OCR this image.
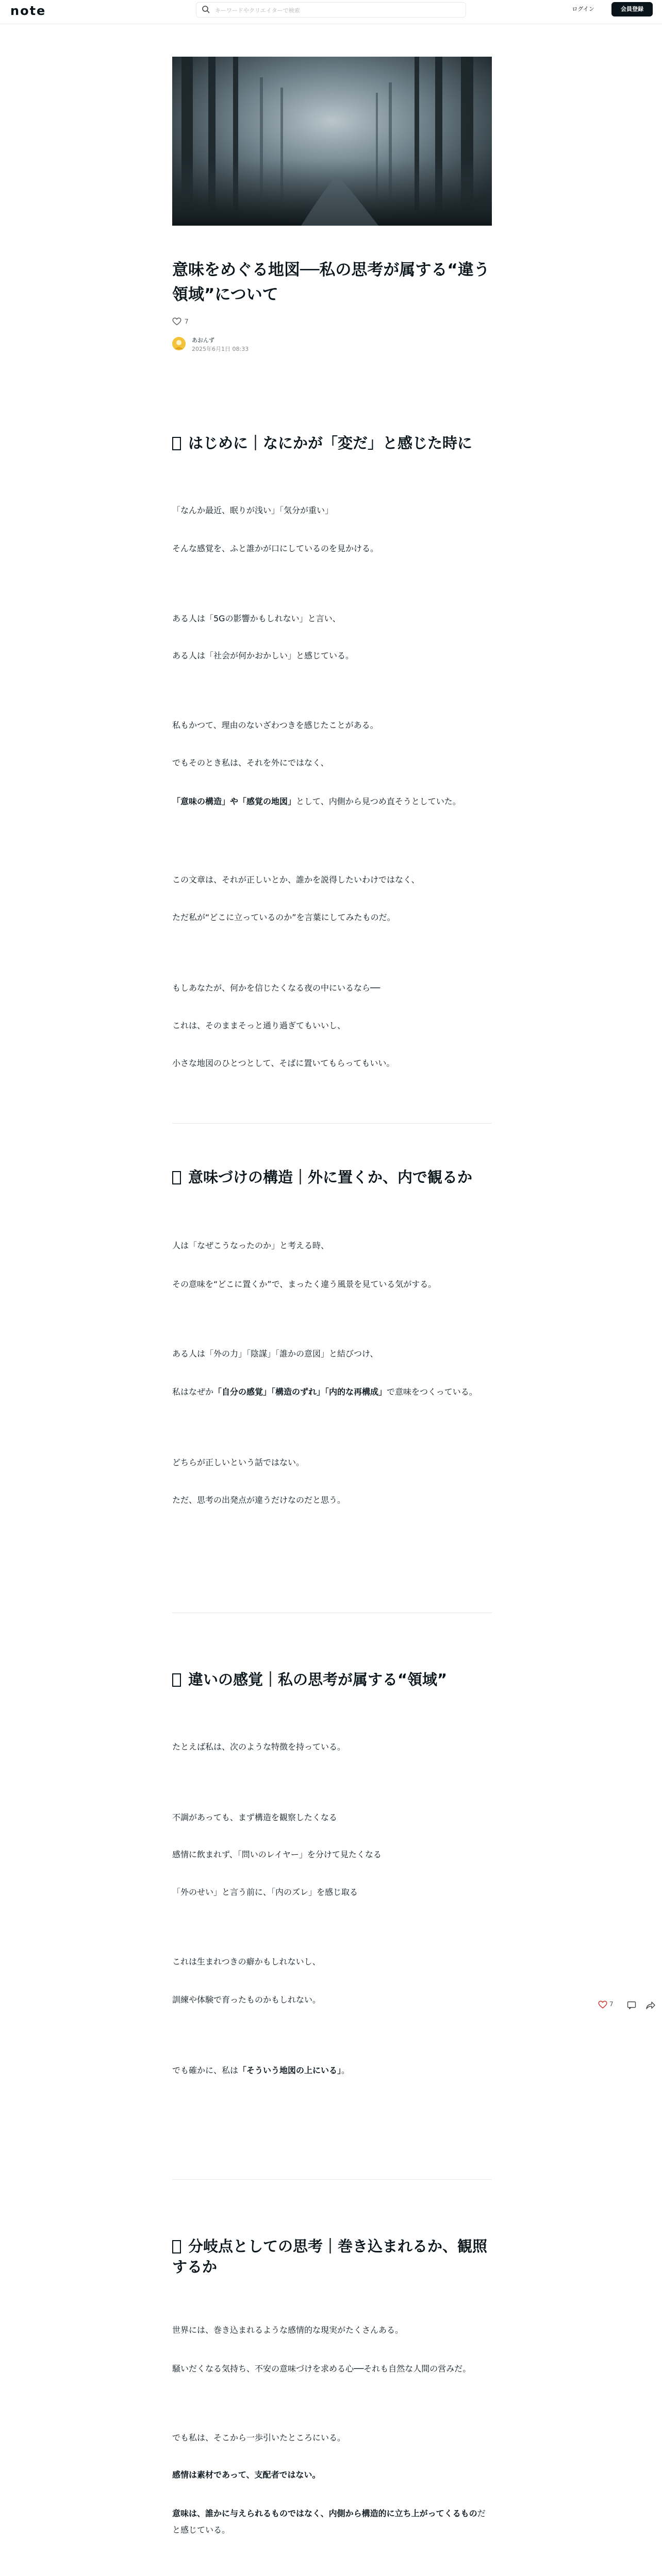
note
キーワードやクリエイターで検索	ログイン	会員登録
意味をめぐる地図──私の思考が属する“違う領域”について
7
あおんず
2025年6月1日 08:33
はじめに｜なにかが「変だ」と感じた時に

「なんか最近、眠りが浅い」「気分が重い」

そんな感覚を、ふと誰かが口にしているのを見かける。

ある人は「5Gの影響かもしれない」と言い、

ある人は「社会が何かおかしい」と感じている。

私もかつて、理由のないざわつきを感じたことがある。

でもそのとき私は、それを外にではなく、

「意味の構造」や「感覚の地図」として、内側から見つめ直そうとしていた。

この文章は、それが正しいとか、誰かを説得したいわけではなく、

ただ私が“どこに立っているのか”を言葉にしてみたものだ。

もしあなたが、何かを信じたくなる夜の中にいるなら──

これは、そのままそっと通り過ぎてもいいし、

小さな地図のひとつとして、そばに置いてもらってもいい。

意味づけの構造｜外に置くか、内で観るか

人は「なぜこうなったのか」と考える時、

その意味を“どこに置くか”で、まったく違う風景を見ている気がする。

ある人は「外の力」「陰謀」「誰かの意図」と結びつけ、

私はなぜか「自分の感覚」「構造のずれ」「内的な再構成」で意味をつくっている。

どちらが正しいという話ではない。

ただ、思考の出発点が違うだけなのだと思う。

違いの感覚｜私の思考が属する“領域”

たとえば私は、次のような特徴を持っている。

不調があっても、まず構造を観察したくなる

感情に飲まれず、「問いのレイヤー」を分けて見たくなる

「外のせい」と言う前に、「内のズレ」を感じ取る

これは生まれつきの癖かもしれないし、

訓練や体験で育ったものかもしれない。

でも確かに、私は「そういう地図の上にいる」。

分岐点としての思考｜巻き込まれるか、観照するか

世界には、巻き込まれるような感情的な現実がたくさんある。

騒いだくなる気持ち、不安の意味づけを求める心──それも自然な人間の営みだ。

でも私は、そこから一歩引いたところにいる。

感情は素材であって、支配者ではない。

意味は、誰かに与えられるものではなく、内側から構造的に立ち上がってくるものだと感じている。

7
